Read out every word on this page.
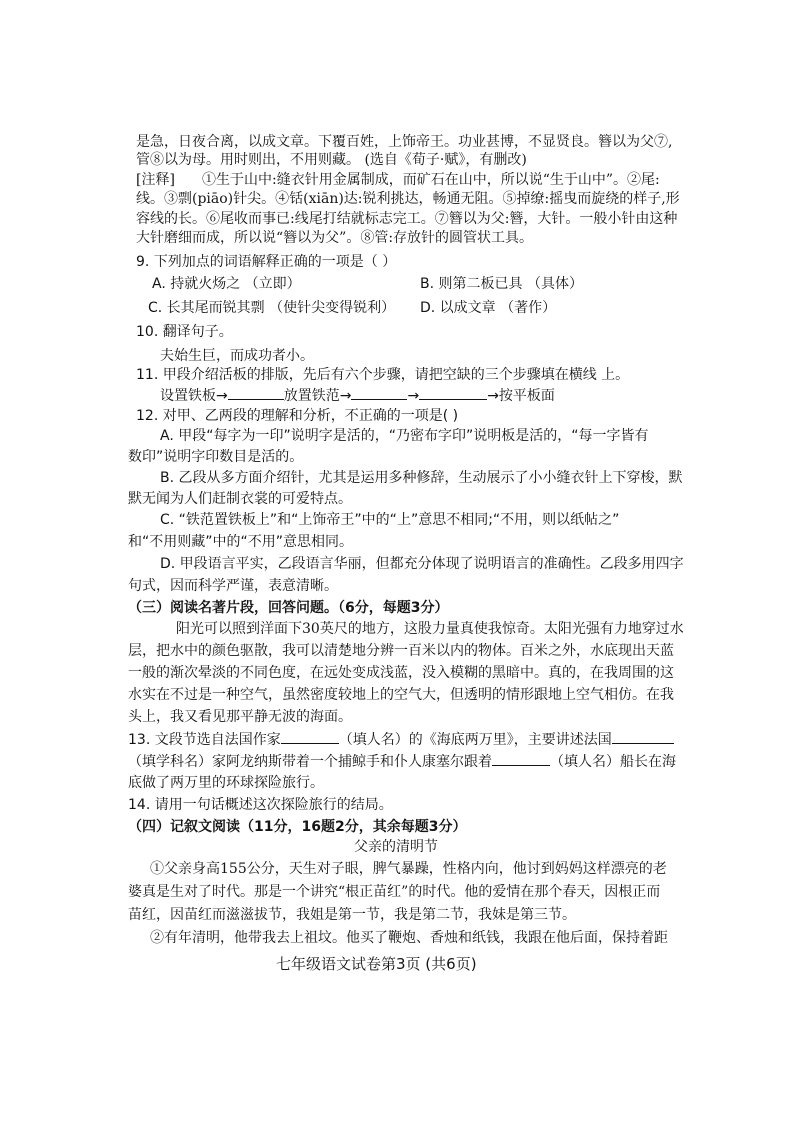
是急，日夜合离，以成文章。下覆百姓，上饰帝王。功业甚博，不显贤良。簪以为父⑦,
管⑧以为母。用时则出，不用则藏。 (选自《荀子·赋》，有删改)
[注释] ①生于山中:缝衣针用金属制成，而矿石在山中，所以说“生于山中”。②尾:
线。③剽(piāo)针尖。④铦(xiān)达:锐利挑达，畅通无阻。⑤掉缭:摇曳而旋绕的样子,形
容线的长。⑥尾收而事已:线尾打结就标志完工。⑦簪以为父:簪，大针。一般小针由这种
大针磨细而成，所以说“簪以为父”。⑧管:存放针的圆管状工具。
9. 下列加点的词语解释正确的一项是（ ）
A. 持就火炀之 （立即）	B. 则第二板已具 （具体）
C. 长其尾而锐其剽 （使针尖变得锐利） D. 以成文章 （著作）
10. 翻译句子。
夫始生巨，而成功者小。
11. 甲段介绍活板的排版，先后有六个步骤，请把空缺的三个步骤填在横线 上。
设置铁板→	放置铁范→	→	→按平板面
12. 对甲、乙两段的理解和分析，不正确的一项是( )
A. 甲段“每字为一印”说明字是活的，“乃密布字印”说明板是活的，“每一字皆有
数印”说明字印数目是活的。
B. 乙段从多方面介绍针，尤其是运用多种修辞，生动展示了小小缝衣针上下穿梭，默
默无闻为人们赶制衣裳的可爱特点。
C. “铁范置铁板上”和“上饰帝王”中的“上”意思不相同;“不用，则以纸帖之”
和“不用则藏”中的“不用”意思相同。
D. 甲段语言平实，乙段语言华丽，但都充分体现了说明语言的准确性。乙段多用四字
句式，因而科学严谨，表意清晰。
（三）阅读名著片段，回答问题。（6分，每题3分）
阳光可以照到洋面下30英尺的地方，这股力量真使我惊奇。太阳光强有力地穿过水
层，把水中的颜色驱散，我可以清楚地分辨一百米以内的物体。百米之外，水底现出天蓝
一般的渐次晕淡的不同色度，在远处变成浅蓝，没入模糊的黑暗中。真的，在我周围的这
水实在不过是一种空气，虽然密度较地上的空气大，但透明的情形跟地上空气相仿。在我
头上，我又看见那平静无波的海面。
13. 文段节选自法国作家	（填人名）的《海底两万里》，主要讲述法国
（填学科名）家阿龙纳斯带着一个捕鲸手和仆人康塞尔跟着	（填人名）船长在海
底做了两万里的环球探险旅行。
14. 请用一句话概述这次探险旅行的结局。
（四）记叙文阅读（11分，16题2分，其余每题3分）
父亲的清明节
①父亲身高155公分，天生对子眼，脾气暴躁，性格内向，他讨到妈妈这样漂亮的老
婆真是生对了时代。那是一个讲究“根正苗红”的时代。他的爱情在那个春天，因根正而
苗红，因苗红而滋滋拔节，我姐是第一节，我是第二节，我妹是第三节。
②有年清明，他带我去上祖坟。他买了鞭炮、香烛和纸钱，我跟在他后面，保持着距
七年级语文试卷第3页 (共6页)
